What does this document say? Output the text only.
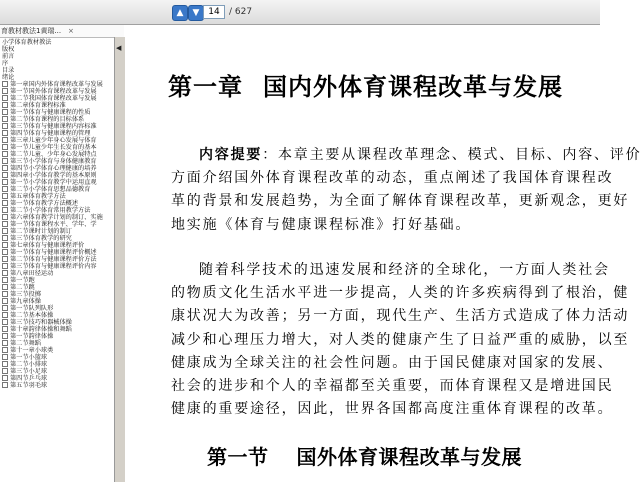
▲	▼
14	/ 627
育教材教法1黄瑞... ×
小学体育教材教法
版权
前言
序
目录
绪论
第一章国内外体育课程改革与发展
第一节国外体育课程改革与发展
第二节我国体育课程改革与发展
第二章体育课程标准
第一节体育与健康课程的性质
第二节体育课程的目标体系
第三节体育与健康课程内容标准
第四节体育与健康课程的管理
第三章儿童少年身心发展与体育
第一节儿童少年生长发育的基本
第二节儿童、少年身心发展特点
第三节小学体育与身体健康教育
第四节小学体育心理健康的培养
第四章小学体育教学的基本原则
第一节小学体育教学中运用直观
第二节小学体育思想品德教育
第五章体育教学方法
第一节体育教学方法概述
第二节小学体育常用教学方法
第六章体育教学计划的制订、实施
第一节体育课程水平、学年、学
第二节课时计划的制订
第三节体育教学的研究
第七章体育与健康课程评价
第一节体育与健康课程评价概述
第二节体育与健康课程评价方法
第三节体育与健康课程评价内容
第八章田径运动
第一节跑
第二节跳
第三节投掷
第九章体操
第一节队列队形
第二节基本体操
第三节技巧和器械体操
第十章韵律体操和舞蹈
第一节韵律体操
第二节舞蹈
第十一章小球类
第一节小篮球
第二节小排球
第三节小足球
第四节乒乓球
第五节羽毛球
◀
第一章 国内外体育课程改革与发展
内容提要：本章主要从课程改革理念、模式、目标、内容、评价
方面介绍国外体育课程改革的动态，重点阐述了我国体育课程改
革的背景和发展趋势，为全面了解体育课程改革，更新观念，更好
地实施《体育与健康课程标准》打好基础。
随着科学技术的迅速发展和经济的全球化，一方面人类社会
的物质文化生活水平进一步提高，人类的许多疾病得到了根治，健
康状况大为改善；另一方面，现代生产、生活方式造成了体力活动
减少和心理压力增大，对人类的健康产生了日益严重的威胁，以至
健康成为全球关注的社会性问题。由于国民健康对国家的发展、
社会的进步和个人的幸福都至关重要，而体育课程又是增进国民
健康的重要途径，因此，世界各国都高度注重体育课程的改革。
第一节 国外体育课程改革与发展
